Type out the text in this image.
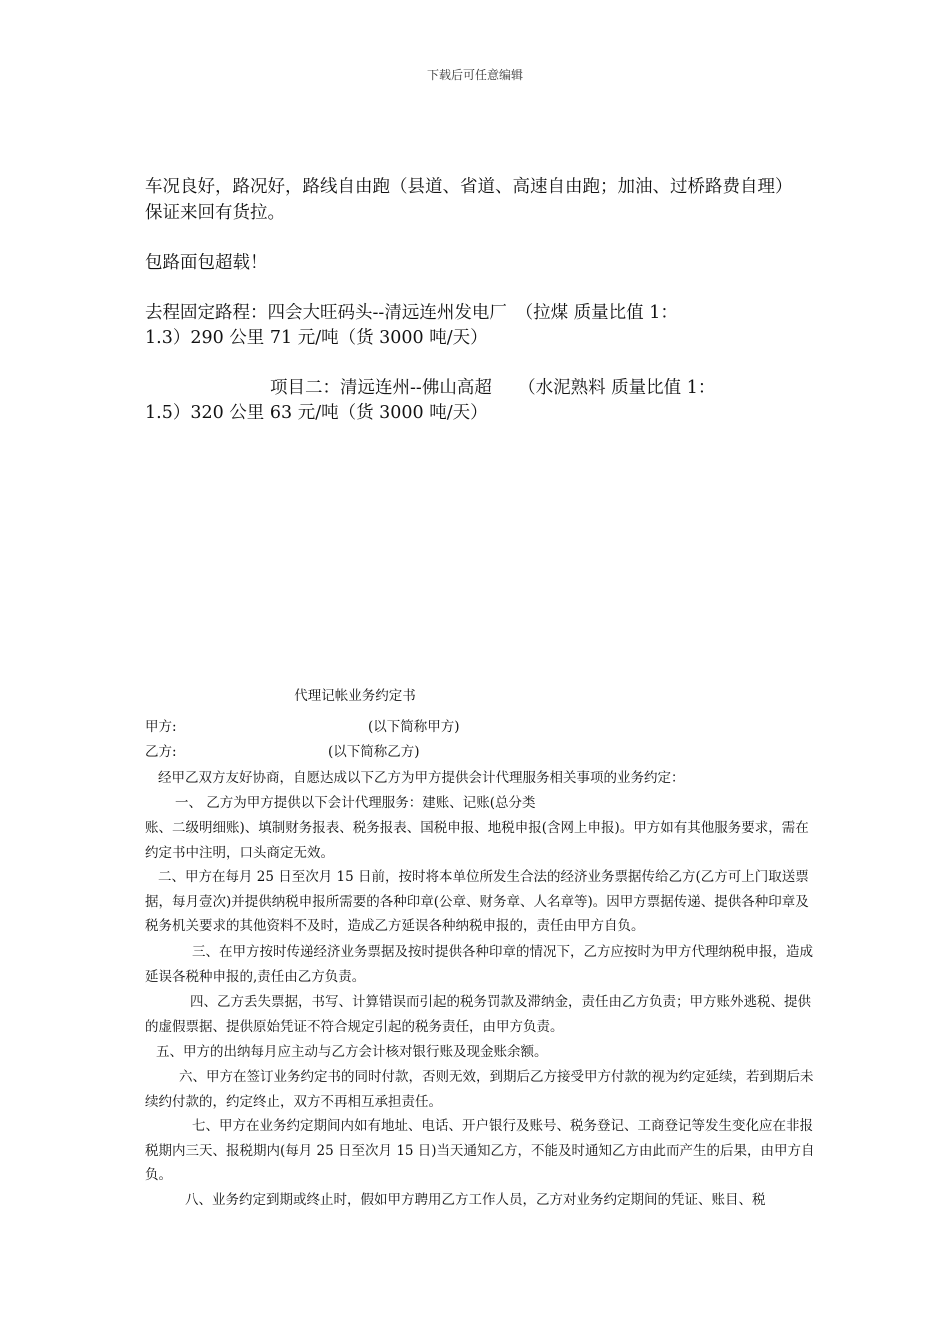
下载后可任意编辑

车况良好，路况好，路线自由跑（县道、省道、高速自由跑；加油、过桥路费自理）保证来回有货拉。

包路面包超载！

去程固定路程：四会大旺码头--清远连州发电厂　（拉煤 质量比值 1：

1.3）290 公里 71 元/吨（货 3000 吨/天）

项目二：清远连州--佛山高超　　（水泥熟料 质量比值 1：

1.5）320 公里 63 元/吨（货 3000 吨/天）

代理记帐业务约定书

甲方:	(以下简称甲方)

乙方:	(以下简称乙方)

经甲乙双方友好协商，自愿达成以下乙方为甲方提供会计代理服务相关事项的业务约定：

一、 乙方为甲方提供以下会计代理服务：建账、记账(总分类

账、二级明细账)、填制财务报表、税务报表、国税申报、地税申报(含网上申报)。甲方如有其他服务要求，需在约定书中注明，口头商定无效。

二、甲方在每月 25 日至次月 15 日前，按时将本单位所发生合法的经济业务票据传给乙方(乙方可上门取送票据，每月壹次)并提供纳税申报所需要的各种印章(公章、财务章、人名章等)。因甲方票据传递、提供各种印章及税务机关要求的其他资料不及时，造成乙方延误各种纳税申报的，责任由甲方自负。

三、在甲方按时传递经济业务票据及按时提供各种印章的情况下，乙方应按时为甲方代理纳税申报，造成延误各税种申报的,责任由乙方负责。

四、乙方丢失票据，书写、计算错误而引起的税务罚款及滞纳金，责任由乙方负责；甲方账外逃税、提供的虚假票据、提供原始凭证不符合规定引起的税务责任，由甲方负责。

五、甲方的出纳每月应主动与乙方会计核对银行账及现金账余额。

六、甲方在签订业务约定书的同时付款，否则无效，到期后乙方接受甲方付款的视为约定延续，若到期后未续约付款的，约定终止，双方不再相互承担责任。

七、甲方在业务约定期间内如有地址、电话、开户银行及账号、税务登记、工商登记等发生变化应在非报税期内三天、报税期内(每月 25 日至次月 15 日)当天通知乙方，不能及时通知乙方由此而产生的后果，由甲方自负。

八、业务约定到期或终止时，假如甲方聘用乙方工作人员，乙方对业务约定期间的凭证、账目、税
